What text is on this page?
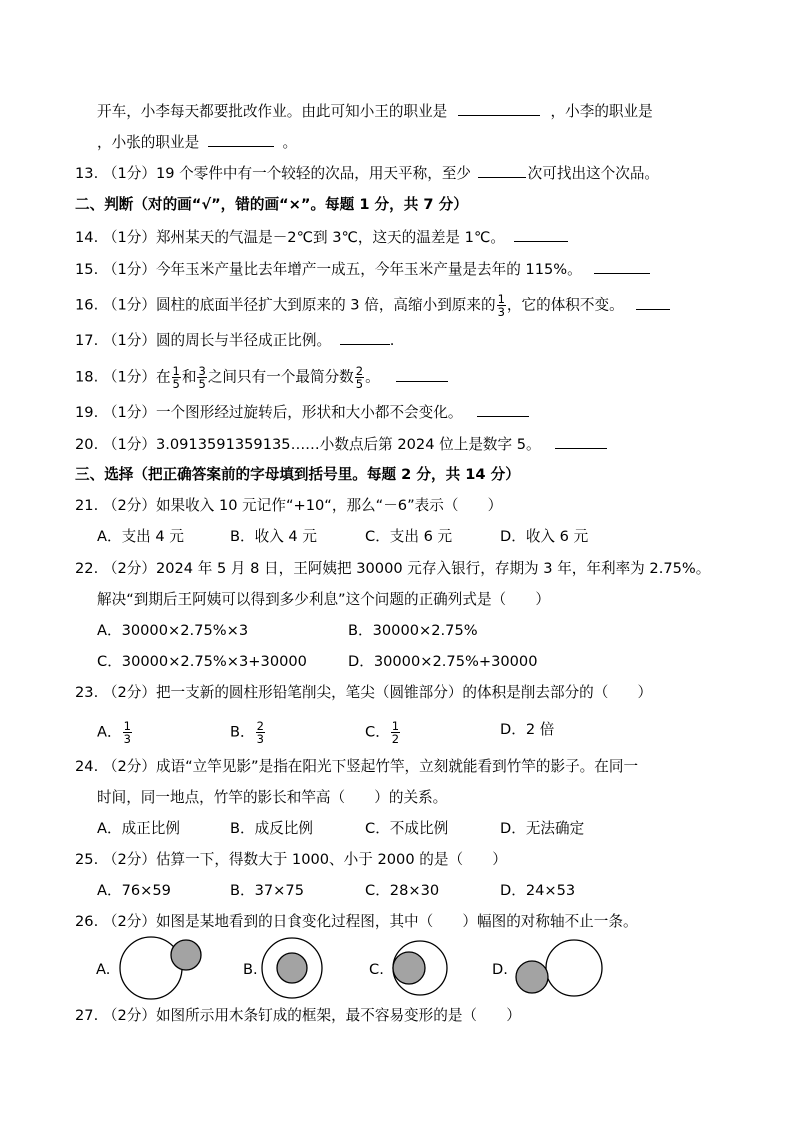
开车，小李每天都要批改作业。由此可知小王的职业是	，小李的职业是
，小张的职业是	。
13. （1分）19 个零件中有一个较轻的次品，用天平称，至少	次可找出这个次品。
二、判断（对的画“√”，错的画“×”。每题 1 分，共 7 分）
14. （1分）郑州某天的气温是－2℃到 3℃，这天的温差是 1℃。
15. （1分）今年玉米产量比去年增产一成五，今年玉米产量是去年的 115%。
16. （1分）圆柱的底面半径扩大到原来的 3 倍，高缩小到原来的 $\frac{1}{3}$ ，它的体积不变。
17. （1分）圆的周长与半径成正比例。	.
18. （1分）在 $\frac{1}{5}$ 和 $\frac{3}{5}$ 之间只有一个最简分数 $\frac{2}{5}$ 。
19. （1分）一个图形经过旋转后，形状和大小都不会变化。
20. （1分）3.0913591359135……小数点后第 2024 位上是数字 5。
三、选择（把正确答案前的字母填到括号里。每题 2 分，共 14 分）
21. （2分）如果收入 10 元记作“+10“，那么“－6”表示（　　）
A．支出 4 元	B．收入 4 元	C．支出 6 元	D．收入 6 元
22. （2分）2024 年 5 月 8 日，王阿姨把 30000 元存入银行，存期为 3 年，年利率为 2.75%。
解决“到期后王阿姨可以得到多少利息”这个问题的正确列式是（　　）
A．30000×2.75%×3	B．30000×2.75%
C．30000×2.75%×3+30000	D．30000×2.75%+30000
23. （2分）把一支新的圆柱形铅笔削尖，笔尖（圆锥部分）的体积是削去部分的（　　）
A． $\frac{1}{3}$	B． $\frac{2}{3}$	C． $\frac{1}{2}$	D．2 倍
24. （2分）成语“立竿见影”是指在阳光下竖起竹竿，立刻就能看到竹竿的影子。在同一
时间，同一地点，竹竿的影长和竿高（　　）的关系。
A．成正比例	B．成反比例	C．不成比例	D．无法确定
25. （2分）估算一下，得数大于 1000、小于 2000 的是（　　）
A．76×59	B．37×75	C．28×30	D．24×53
26. （2分）如图是某地看到的日食变化过程图，其中（　　）幅图的对称轴不止一条。
A.	B.	C.	D.
27. （2分）如图所示用木条钉成的框架，最不容易变形的是（　　）
